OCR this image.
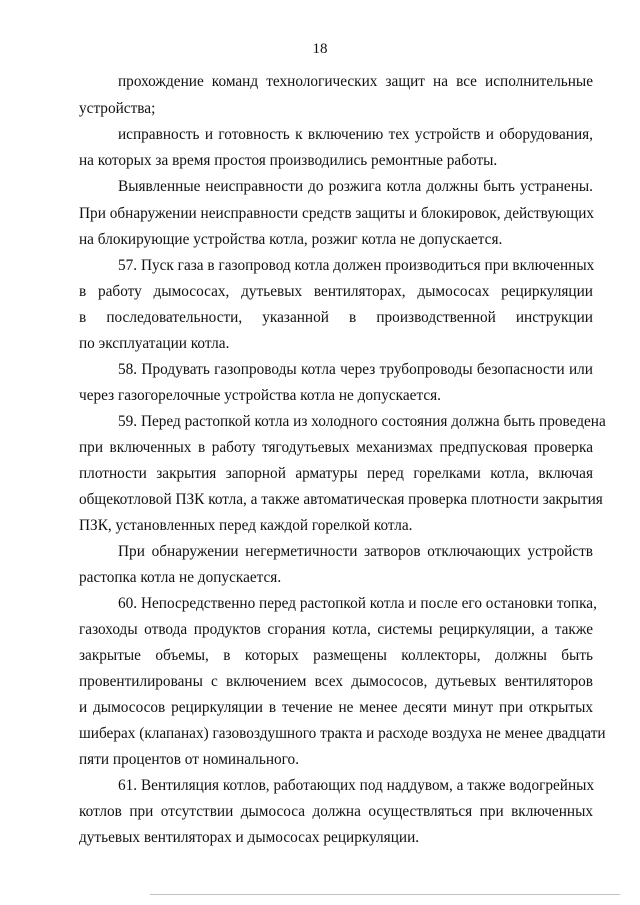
18
прохождение команд технологических защит на все исполнительные
устройства;
исправность и готовность к включению тех устройств и оборудования,
на которых за время простоя производились ремонтные работы.
Выявленные неисправности до розжига котла должны быть устранены.
При обнаружении неисправности средств защиты и блокировок, действующих
на блокирующие устройства котла, розжиг котла не допускается.
57. Пуск газа в газопровод котла должен производиться при включенных
в работу дымососах, дутьевых вентиляторах, дымососах рециркуляции
в последовательности, указанной в производственной инструкции
по эксплуатации котла.
58. Продувать газопроводы котла через трубопроводы безопасности или
через газогорелочные устройства котла не допускается.
59. Перед растопкой котла из холодного состояния должна быть проведена
при включенных в работу тягодутьевых механизмах предпусковая проверка
плотности закрытия запорной арматуры перед горелками котла, включая
общекотловой ПЗК котла, а также автоматическая проверка плотности закрытия
ПЗК, установленных перед каждой горелкой котла.
При обнаружении негерметичности затворов отключающих устройств
растопка котла не допускается.
60. Непосредственно перед растопкой котла и после его остановки топка,
газоходы отвода продуктов сгорания котла, системы рециркуляции, а также
закрытые объемы, в которых размещены коллекторы, должны быть
провентилированы с включением всех дымососов, дутьевых вентиляторов
и дымососов рециркуляции в течение не менее десяти минут при открытых
шиберах (клапанах) газовоздушного тракта и расходе воздуха не менее двадцати
пяти процентов от номинального.
61. Вентиляция котлов, работающих под наддувом, а также водогрейных
котлов при отсутствии дымососа должна осуществляться при включенных
дутьевых вентиляторах и дымососах рециркуляции.
